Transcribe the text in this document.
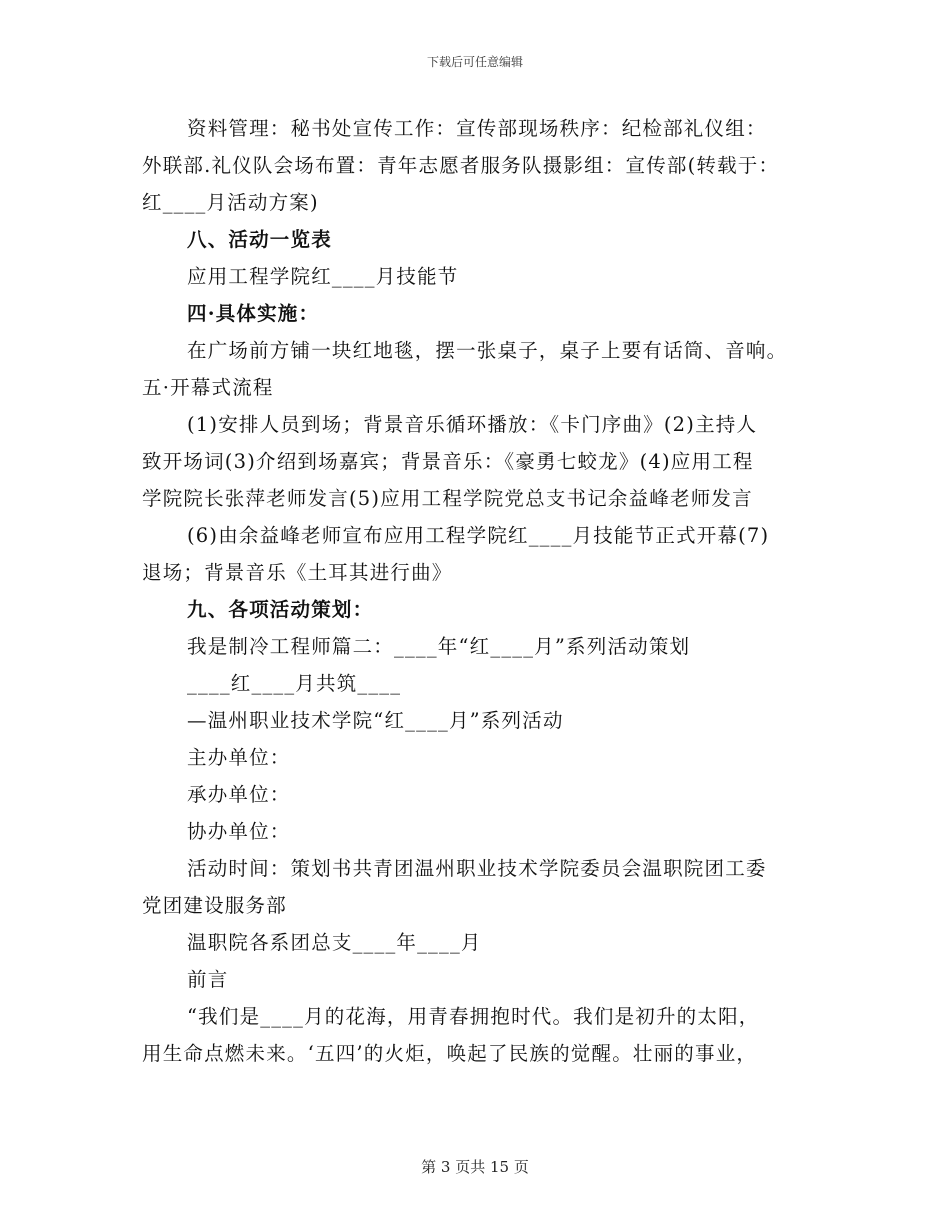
下载后可任意编辑
资料管理：秘书处宣传工作：宣传部现场秩序：纪检部礼仪组：
外联部.礼仪队会场布置：青年志愿者服务队摄影组：宣传部(转载于：
红____月活动方案)
八、活动一览表
应用工程学院红____月技能节
四·具体实施：
在广场前方铺一块红地毯，摆一张桌子，桌子上要有话筒、音响。
五·开幕式流程
(1)安排人员到场；背景音乐循环播放：《卡门序曲》(2)主持人
致开场词(3)介绍到场嘉宾；背景音乐：《豪勇七蛟龙》(4)应用工程
学院院长张萍老师发言(5)应用工程学院党总支书记余益峰老师发言
(6)由余益峰老师宣布应用工程学院红____月技能节正式开幕(7)
退场；背景音乐《土耳其进行曲》
九、各项活动策划：
我是制冷工程师篇二：____年“红____月”系列活动策划
____红____月共筑____
—温州职业技术学院“红____月”系列活动
主办单位：
承办单位：
协办单位：
活动时间：策划书共青团温州职业技术学院委员会温职院团工委
党团建设服务部
温职院各系团总支____年____月
前言
“我们是____月的花海，用青春拥抱时代。我们是初升的太阳，
用生命点燃未来。‘五四’的火炬，唤起了民族的觉醒。壮丽的事业，
第 3 页共 15 页
